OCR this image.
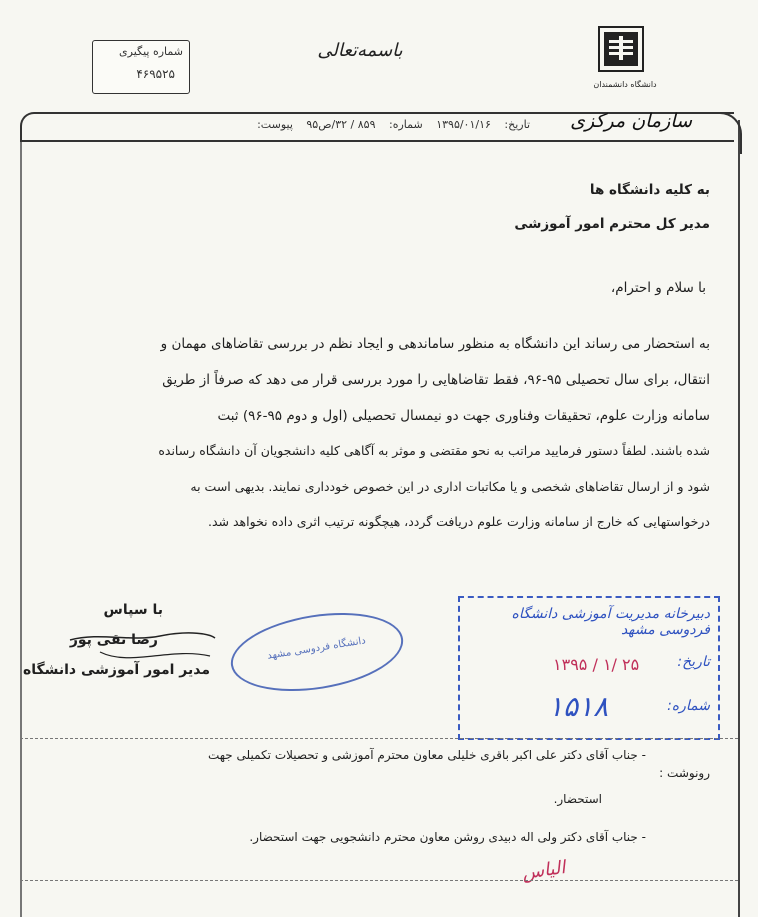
شماره پیگیری
۴۶۹۵۲۵
باسمه‌تعالی
دانشگاه دانشمندان
سازمان مرکزی
تاریخ: ۱۳۹۵/۰۱/۱۶ شماره: ۸۵۹ / ۳۲/ص۹۵ پیوست:
به کلیه دانشگاه ها
مدیر کل محترم امور آموزشی
با سلام و احترام،
به استحضار می رساند این دانشگاه به منظور ساماندهی و ایجاد نظم در بررسی تقاضاهای مهمان و
انتقال، برای سال تحصیلی ۹۵-۹۶، فقط تقاضاهایی را مورد بررسی قرار می دهد که صرفاً از طریق
سامانه وزارت علوم، تحقیقات وفناوری جهت دو نیمسال تحصیلی (اول و دوم ۹۵-۹۶) ثبت
شده باشند. لطفاً دستور فرمایید مراتب به نحو مقتضی و موثر به آگاهی کلیه دانشجویان آن دانشگاه رسانده
شود و از ارسال تقاضاهای شخصی و یا مکاتبات اداری در این خصوص خودداری نمایند. بدیهی است به
درخواستهایی که خارج از سامانه وزارت علوم دریافت گردد، هیچگونه ترتیب اثری داده نخواهد شد.
دبیرخانه مدیریت آموزشی دانشگاه فردوسی مشهد
تاریخ:
شماره:
۱۳۹۵ / ۱/ ۲۵
۱۵۱۸
دانشگاه فردوسی مشهد
با سپاس
رضا تقی پور
مدیر امور آموزشی دانشگاه
رونوشت :
- جناب آقای دکتر علی اکبر باقری خلیلی معاون محترم آموزشی و تحصیلات تکمیلی جهت
استحضار.
- جناب آقای دکتر ولی اله دبیدی روشن معاون محترم دانشجویی جهت استحضار.
الیاس
